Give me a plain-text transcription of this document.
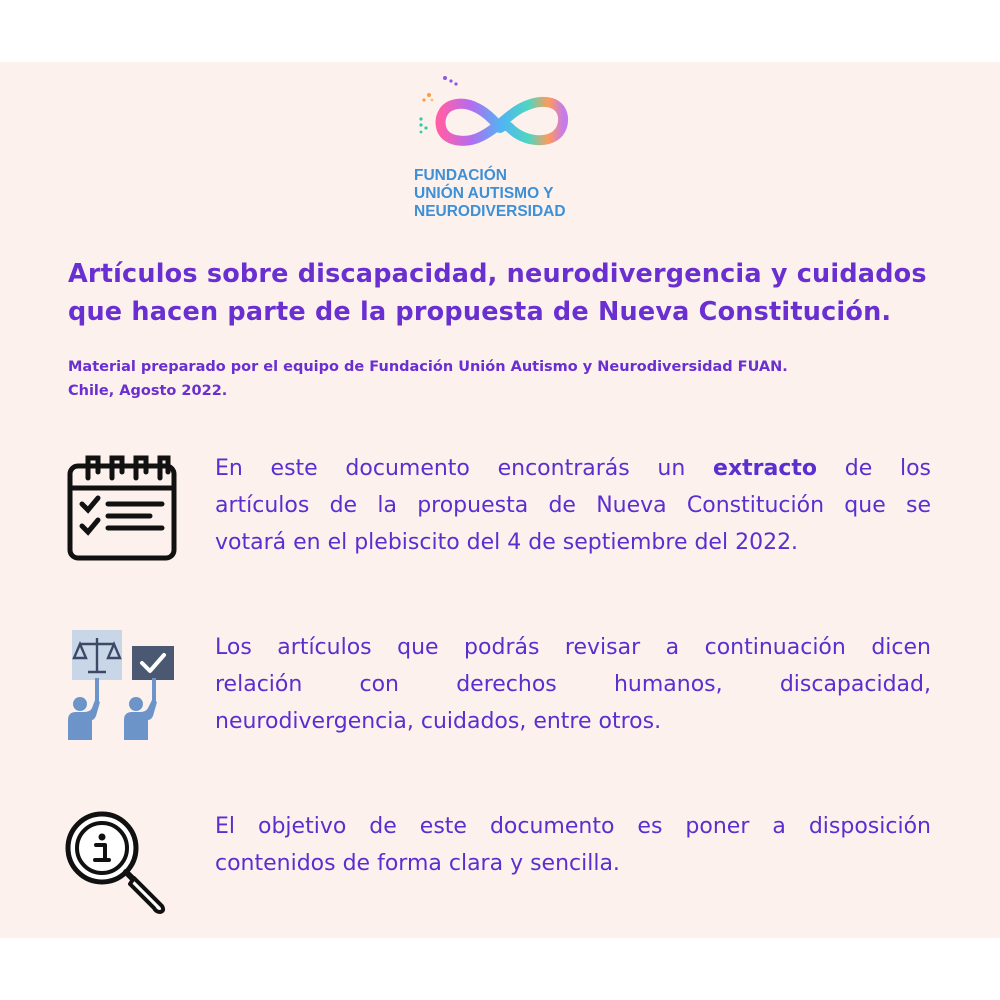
FUNDACIÓN
UNIÓN AUTISMO Y
NEURODIVERSIDAD
Artículos sobre discapacidad, neurodivergencia y cuidados
que hacen parte de la propuesta de Nueva Constitución.
Material preparado por el equipo de Fundación Unión Autismo y Neurodiversidad FUAN.
Chile, Agosto 2022.
En este documento encontrarás un extracto de los
artículos de la propuesta de Nueva Constitución que se
votará en el plebiscito del 4 de septiembre del 2022.
Los artículos que podrás revisar a continuación dicen
relación con derechos humanos, discapacidad,
neurodivergencia, cuidados, entre otros.
El objetivo de este documento es poner a disposición
contenidos de forma clara y sencilla.
